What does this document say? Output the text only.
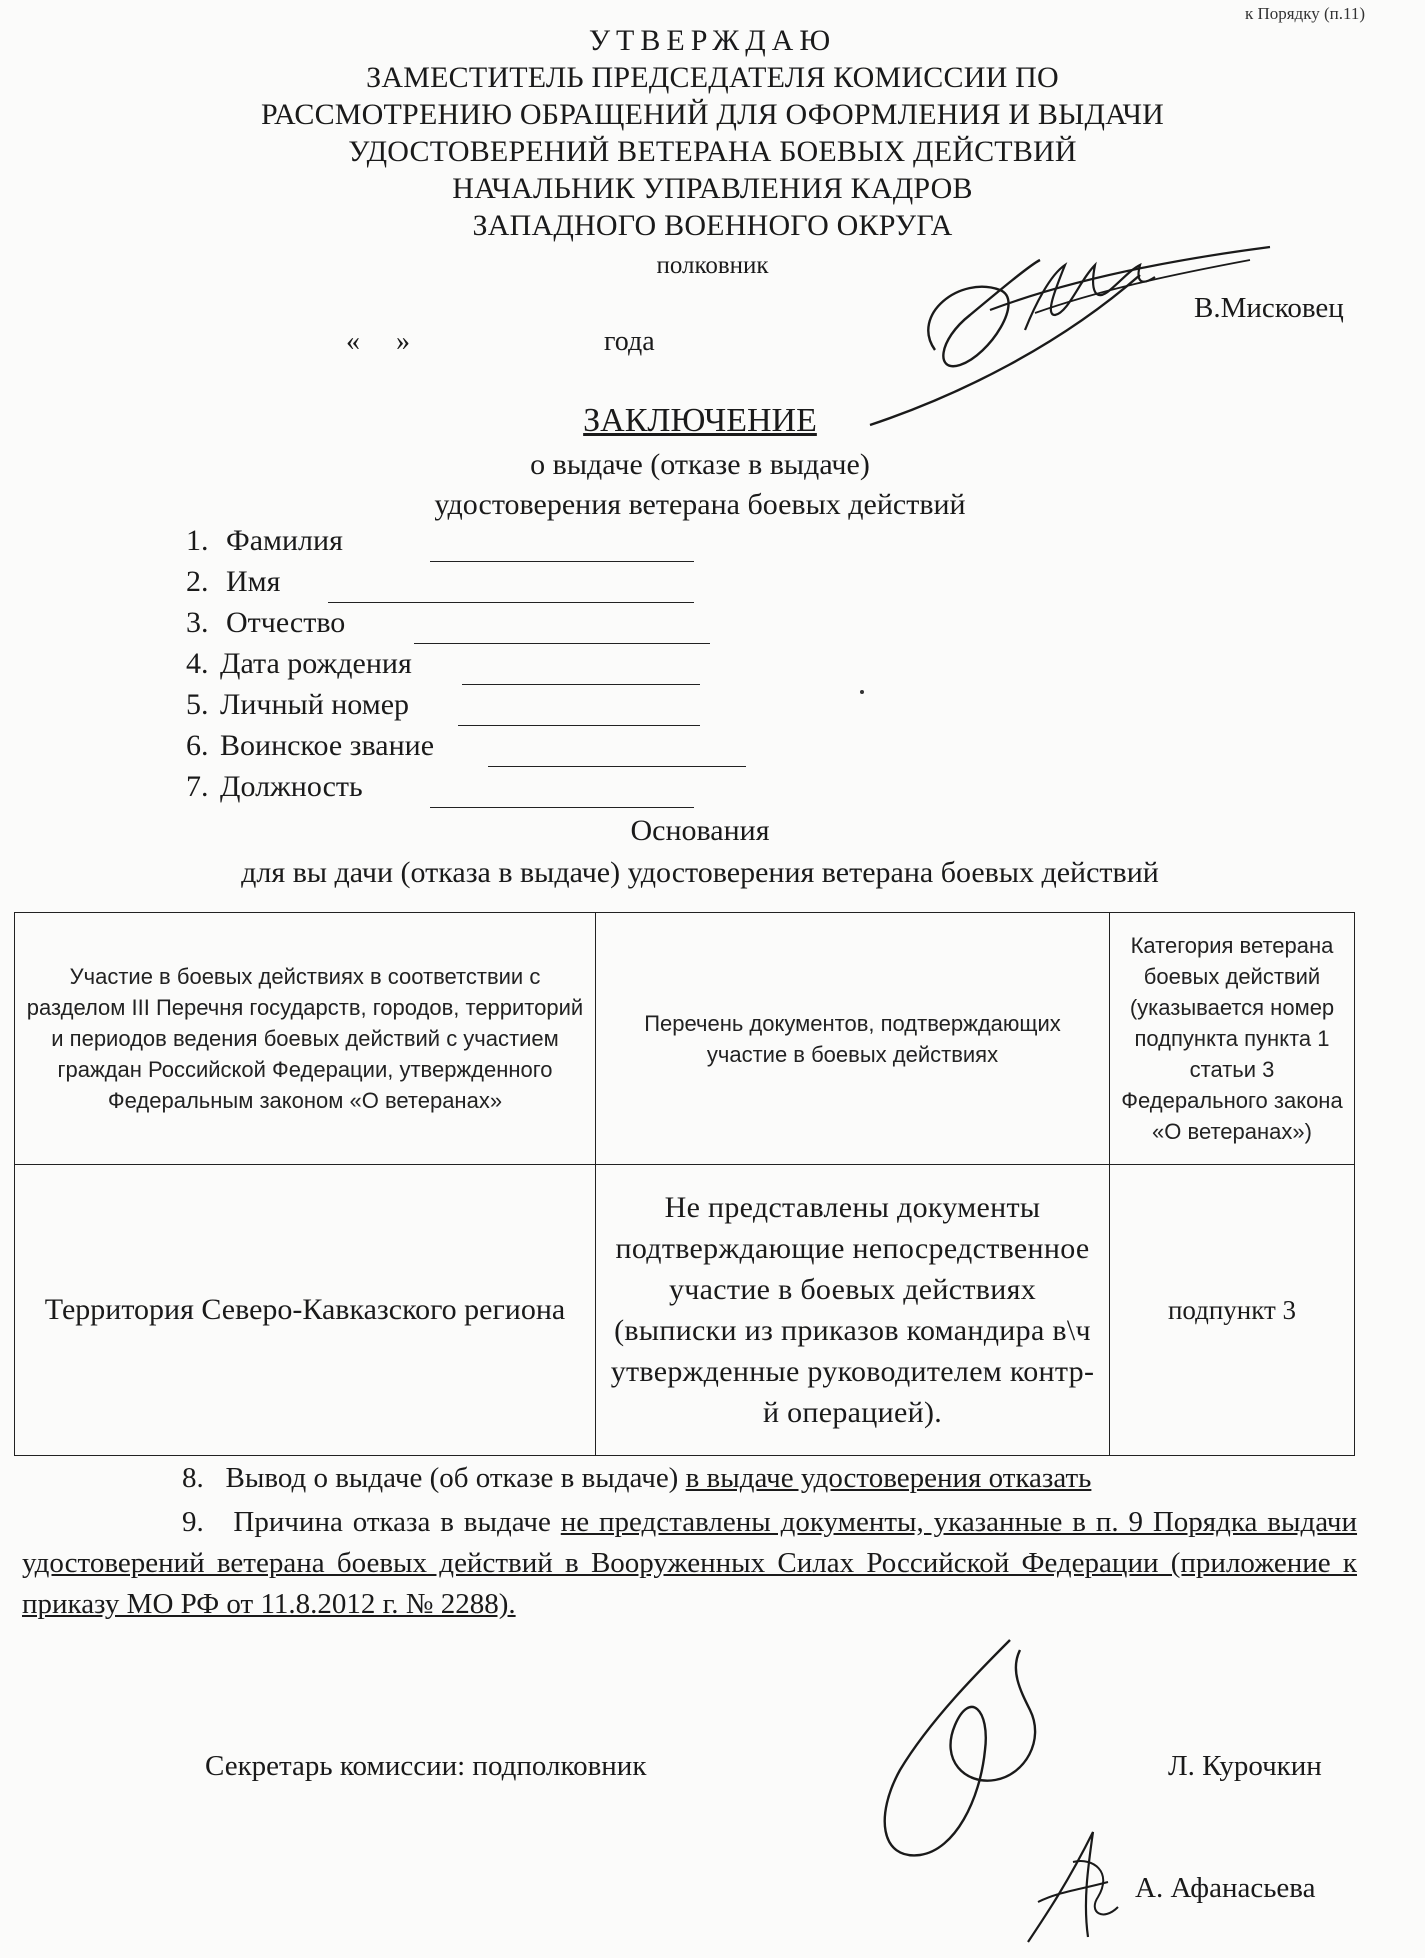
к Порядку (п.11)
УТВЕРЖДАЮ
ЗАМЕСТИТЕЛЬ ПРЕДСЕДАТЕЛЯ КОМИССИИ ПО
РАССМОТРЕНИЮ ОБРАЩЕНИЙ ДЛЯ ОФОРМЛЕНИЯ И ВЫДАЧИ
УДОСТОВЕРЕНИЙ ВЕТЕРАНА БОЕВЫХ ДЕЙСТВИЙ
НАЧАЛЬНИК УПРАВЛЕНИЯ КАДРОВ
ЗАПАДНОГО ВОЕННОГО ОКРУГА
полковник
В.Мисковец
« »	года
ЗАКЛЮЧЕНИЕ
о выдаче (отказе в выдаче)
удостоверения ветерана боевых действий
1. Фамилия
2. Имя
3. Отчество
4. Дата рождения
5. Личный номер
6. Воинское звание
7. Должность
Основания
для вы дачи (отказа в выдаче) удостоверения ветерана боевых действий
Участие в боевых действиях в соответствии с разделом III Перечня государств, городов, территорий и периодов ведения боевых действий с участием граждан Российской Федерации, утвержденного Федеральным законом «О ветеранах»	Перечень документов, подтверждающих участие в боевых действиях	Категория ветерана боевых действий (указывается номер подпункта пункта 1 статьи 3 Федерального закона «О ветеранах»)
Территория Северо-Кавказского региона	Не представлены документы подтверждающие непосредственное участие в боевых действиях (выписки из приказов командира в\ч утвержденные руководителем контр-й операцией).	подпункт 3
8. Вывод о выдаче (об отказе в выдаче) в выдаче удостоверения отказать
9. Причина отказа в выдаче не представлены документы, указанные в п. 9 Порядка выдачи удостоверений ветерана боевых действий в Вооруженных Силах Российской Федерации (приложение к приказу МО РФ от 11.8.2012 г. № 2288).
Секретарь комиссии: подполковник	Л. Курочкин
А. Афанасьева
